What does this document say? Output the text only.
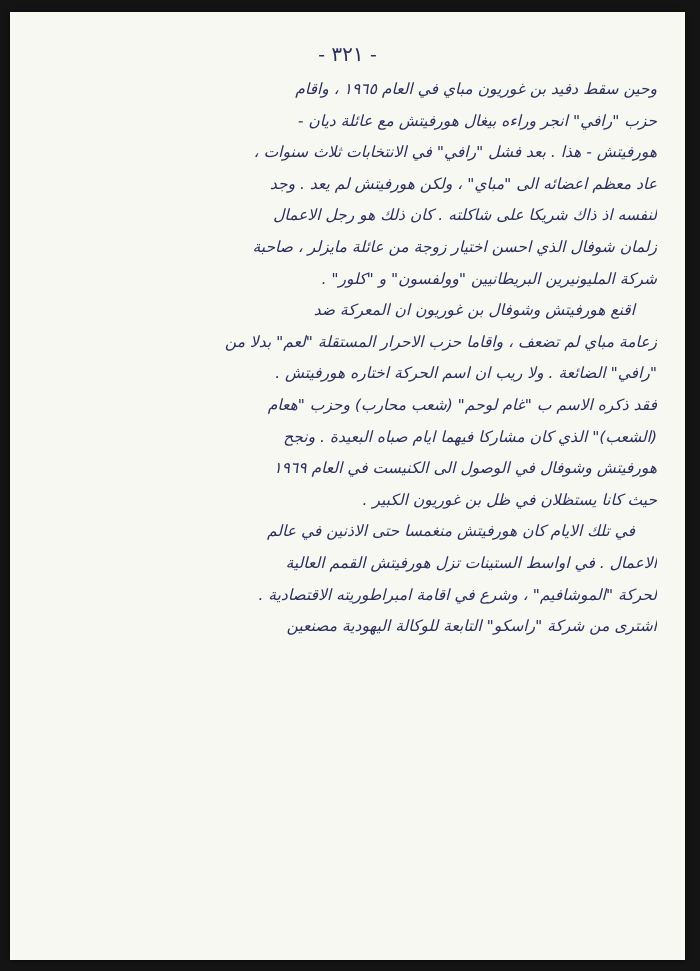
- ٣٢١ -
وحين سقط دفيد بن غوريون مباي في العام ١٩٦٥ ، واقام
حزب "رافي" انجر وراءه بيغال هورفيتش مع عائلة ديان -
هورفيتش - هذا . بعد فشل "رافي" في الانتخابات ثلاث سنوات ،
عاد معظم اعضائه الى "مباي" ، ولكن هورفيتش لم يعد . وجد
لنفسه اذ ذاك شريكا على شاكلته . كان ذلك هو رجل الاعمال
زلمان شوفال الذي احسن اختيار زوجة من عائلة مايزلر ، صاحبة
شركة المليونيرين البريطانيين "وولفسون" و "كلور" .
اقنع هورفيتش وشوفال بن غوريون ان المعركة ضد
زعامة مباي لم تضعف ، واقاما حزب الاحرار المستقلة "لعم" بدلا من
"رافي" الضائعة . ولا ريب ان اسم الحركة اختاره هورفيتش .
فقد ذكره الاسم ب "غام لوحم" (شعب محارب) وحزب "هعام
(الشعب)" الذي كان مشاركا فيهما ايام صباه البعيدة . ونجح
هورفيتش وشوفال في الوصول الى الكنيست في العام ١٩٦٩
حيث كانا يستظلان في ظل بن غوريون الكبير .
في تلك الايام كان هورفيتش منغمسا حتى الاذنين في عالم
الاعمال . في اواسط الستينات تزل هورفيتش القمم العالية
لحركة "الموشافيم" ، وشرع في اقامة امبراطوريته الاقتصادية .
اشترى من شركة "راسكو" التابعة للوكالة اليهودية مصنعين
